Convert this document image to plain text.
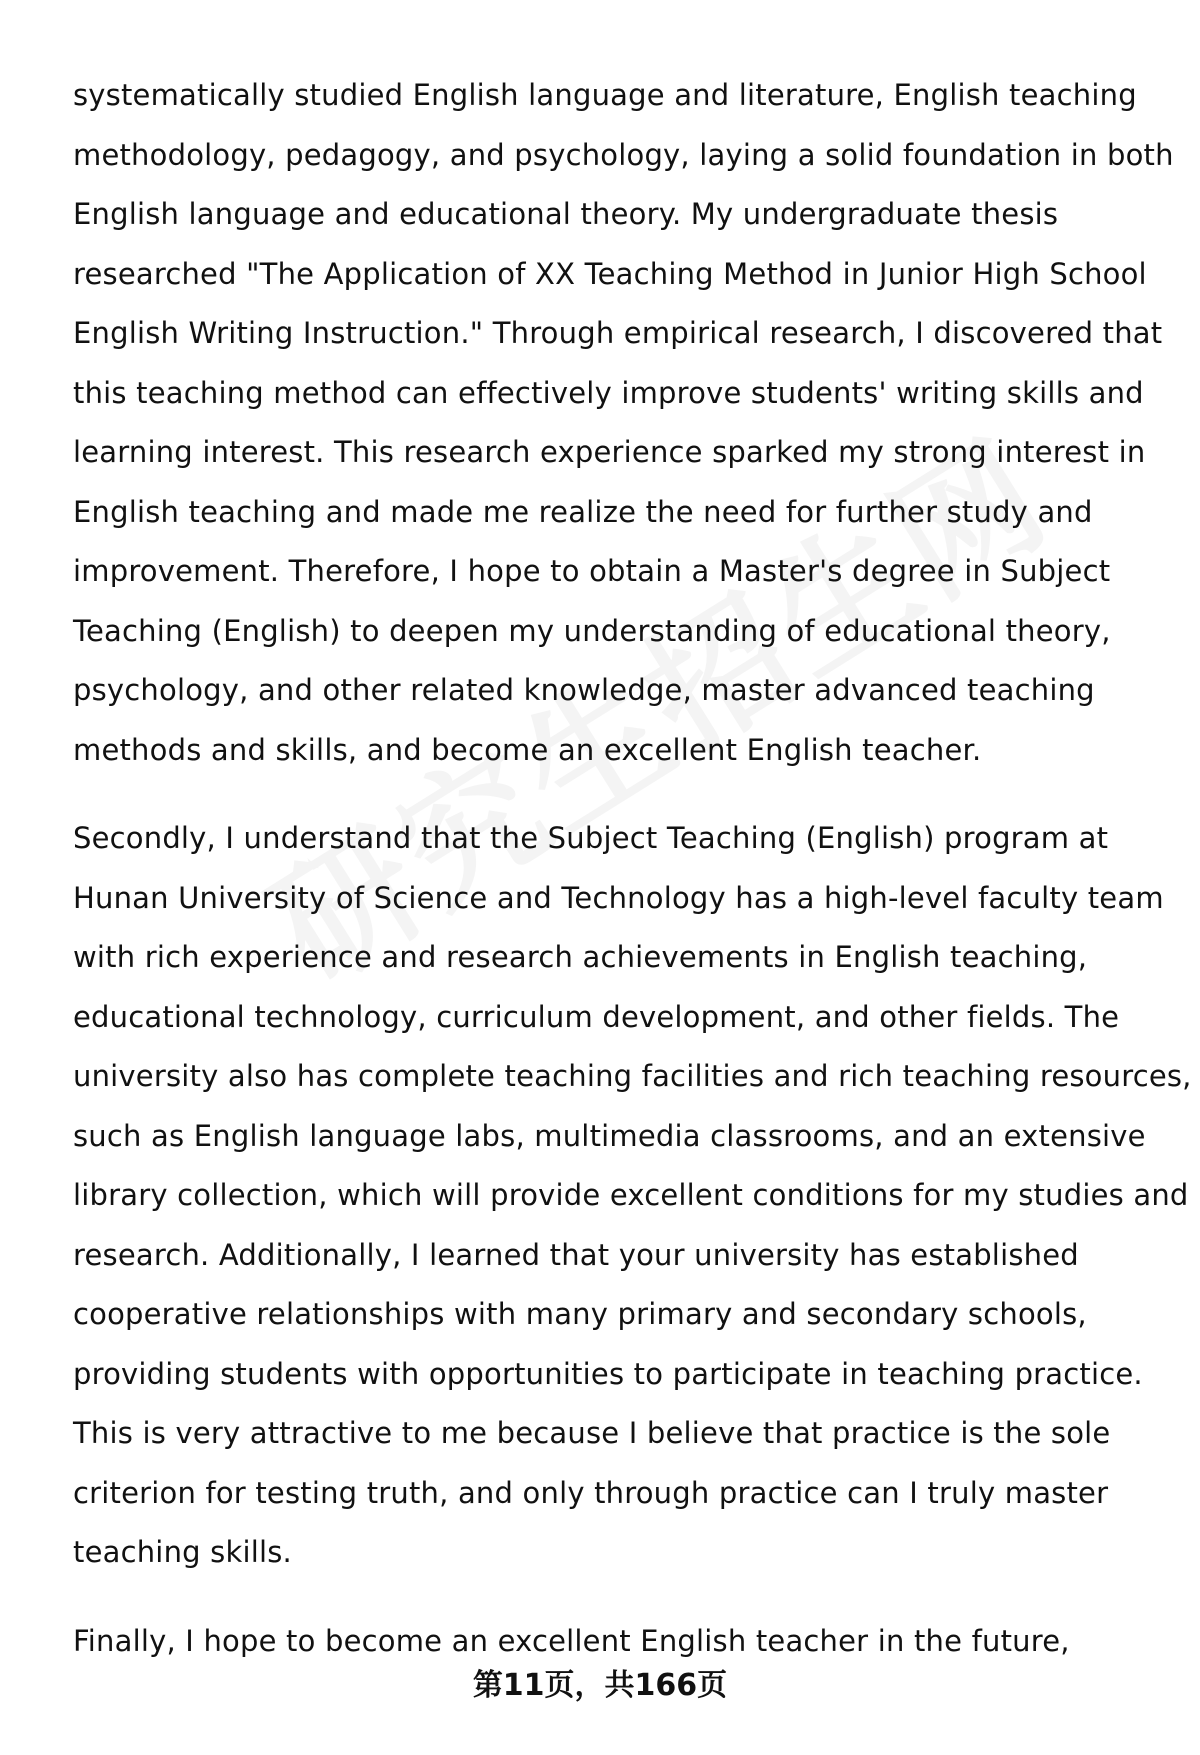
systematically studied English language and literature, English teaching
methodology, pedagogy, and psychology, laying a solid foundation in both
English language and educational theory. My undergraduate thesis
researched "The Application of XX Teaching Method in Junior High School
English Writing Instruction." Through empirical research, I discovered that
this teaching method can effectively improve students' writing skills and
learning interest. This research experience sparked my strong interest in
English teaching and made me realize the need for further study and
improvement. Therefore, I hope to obtain a Master's degree in Subject
Teaching (English) to deepen my understanding of educational theory,
psychology, and other related knowledge, master advanced teaching
methods and skills, and become an excellent English teacher.
Secondly, I understand that the Subject Teaching (English) program at
Hunan University of Science and Technology has a high-level faculty team
with rich experience and research achievements in English teaching,
educational technology, curriculum development, and other fields. The
university also has complete teaching facilities and rich teaching resources,
such as English language labs, multimedia classrooms, and an extensive
library collection, which will provide excellent conditions for my studies and
research. Additionally, I learned that your university has established
cooperative relationships with many primary and secondary schools,
providing students with opportunities to participate in teaching practice.
This is very attractive to me because I believe that practice is the sole
criterion for testing truth, and only through practice can I truly master
teaching skills.
Finally, I hope to become an excellent English teacher in the future,
第11页，共166页
